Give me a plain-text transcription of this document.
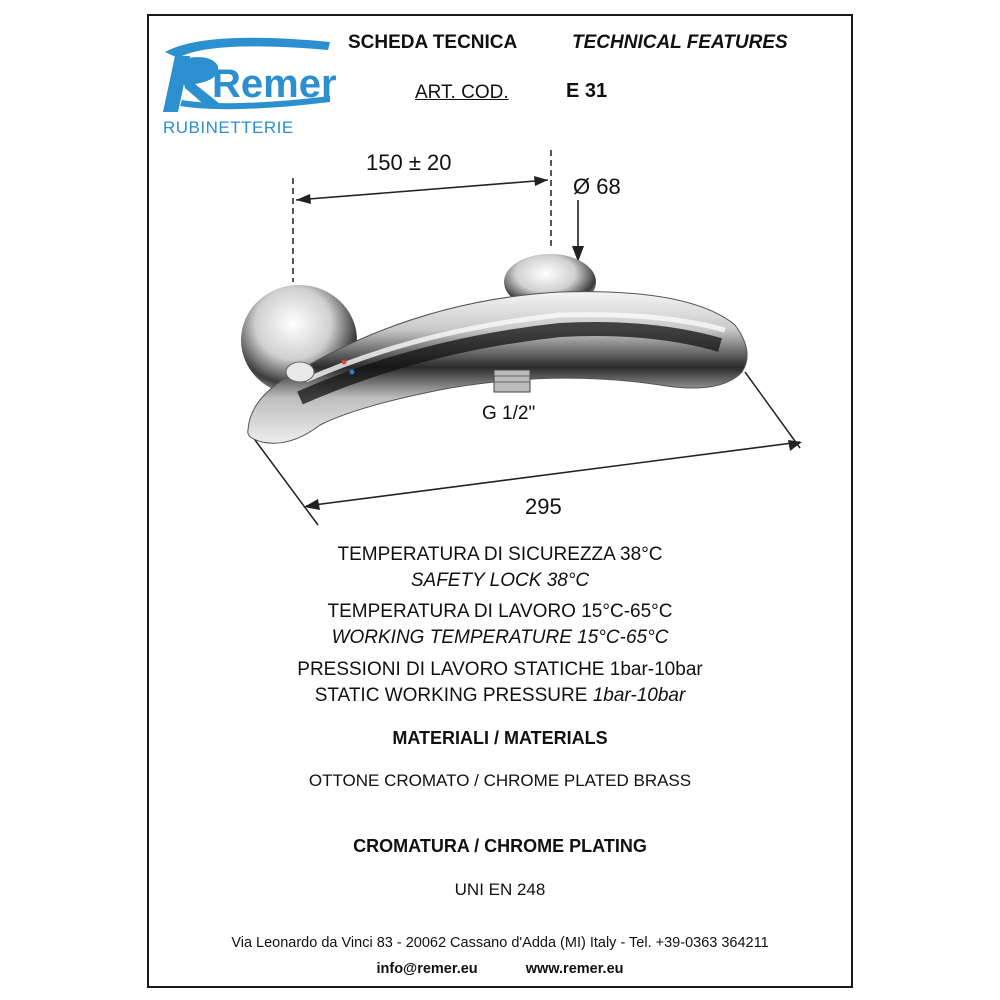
Remer
RUBINETTERIE
SCHEDA TECNICA	TECHNICAL FEATURES
ART. COD.	E 31
150 ± 20
Ø 68
G 1/2"
295
TEMPERATURA DI SICUREZZA 38°C
SAFETY LOCK 38°C
TEMPERATURA DI LAVORO 15°C-65°C
WORKING TEMPERATURE 15°C-65°C
PRESSIONI DI LAVORO STATICHE 1bar-10bar
STATIC WORKING PRESSURE 1bar-10bar
MATERIALI / MATERIALS
OTTONE CROMATO / CHROME PLATED BRASS
CROMATURA / CHROME PLATING
UNI EN 248
Via Leonardo da Vinci 83 - 20062 Cassano d'Adda (MI) Italy - Tel. +39-0363 364211
info@remer.eu	www.remer.eu
